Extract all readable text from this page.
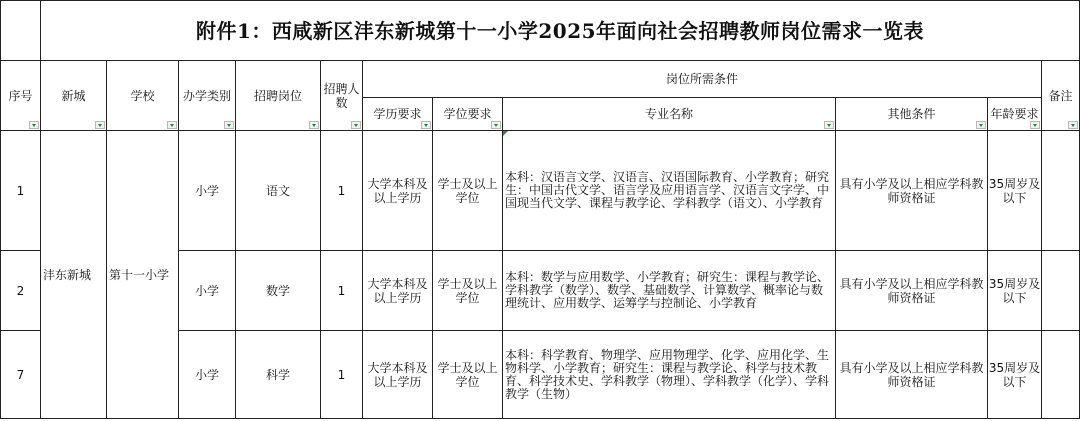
	附件1：西咸新区沣东新城第十一小学2025年面向社会招聘教师岗位需求一览表										

序号	新城	学校	办学类别	招聘岗位	招聘人数	岗位所需条件					备注

						学历要求	学位要求	专业名称	其他条件	年龄要求	

1	沣东新城	第十一小学	小学	语文	1	大学本科及以上学历	学士及以上学位	本科：汉语言文学、汉语言、汉语国际教育、小学教育；研究生：中国古代文学、语言学及应用语言学、汉语言文字学、中国现当代文学、课程与教学论、学科教学（语文）、小学教育	具有小学及以上相应学科教师资格证	35周岁及以下	
2			小学	数学	1	大学本科及以上学历	学士及以上学位	本科：数学与应用数学、小学教育；研究生：课程与教学论、学科教学（数学）、数学、基础数学、计算数学、概率论与数理统计、应用数学、运筹学与控制论、小学教育	具有小学及以上相应学科教师资格证	35周岁及以下	
7			小学	科学	1	大学本科及以上学历	学士及以上学位	本科：科学教育、物理学、应用物理学、化学、应用化学、生物科学、小学教育；研究生：课程与教学论、科学与技术教育、科学技术史、学科教学（物理）、学科教学（化学）、学科教学（生物）	具有小学及以上相应学科教师资格证	35周岁及以下	
